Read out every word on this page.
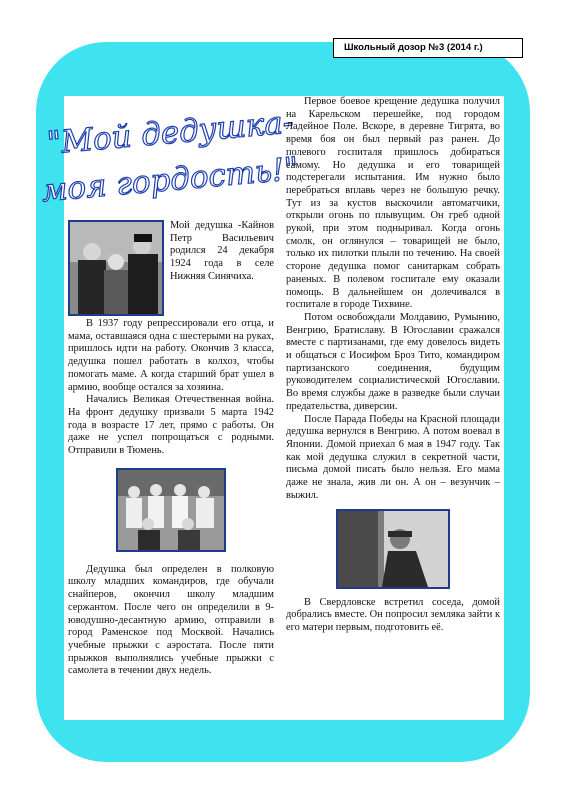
Школьный дозор №3 (2014 г.)
"Мой дедушка-
моя гордость!"

Мой дедушка -Кайнов Петр Васильевич родился 24 декабря 1924 года в селе Нижняя Синячиха.

В 1937 году репрессировали его отца, и мама, оставшаяся одна с шестерыми на руках, пришлось идти на работу. Окончив 3 класса, дедушка пошел работать в колхоз, чтобы помогать маме. А когда старший брат ушел в армию, вообще остался за хозяина.

Начались Великая Отечественная война. На фронт дедушку призвали 5 марта 1942 года в возрасте 17 лет, прямо с работы. Он даже не успел попрощаться с родными. Отправили в Тюмень.

Дедушка был определен в полковую школу младших командиров, где обучали снайперов, окончил школу младшим сержантом. После чего он определили в 9-юводушно-десантную армию, отправили в город Раменское под Москвой. Начались учебные прыжки с аэростата. После пяти прыжков выполнялись учебные прыжки с самолета в течении двух недель.

Первое боевое крещение дедушка получил на Карельском перешейке, под городом Ладейное Поле. Вскоре, в деревне Тигрята, во время боя он был первый раз ранен. До полевого госпиталя пришлось добираться самому. Но дедушка и его товарищей подстерегали испытания. Им нужно было перебраться вплавь через не большую речку. Тут из за кустов выскочили автоматчики, открыли огонь по плывущим. Он греб одной рукой, при этом подныривал. Когда огонь смолк, он оглянулся – товарищей не было, только их пилотки плыли по течению. На своей стороне дедушка помог санитаркам собрать раненых. В полевом госпитале ему оказали помощь. В дальнейшем он долечивался в госпитале в городе Тихвине.

Потом освобождали Молдавию, Румынию, Венгрию, Братиславу. В Югославии сражался вместе с партизанами, где ему довелось видеть и общаться с Иосифом Броз Тито, командиром партизанского соединения, будущим руководителем социалистической Югославии. Во время службы даже в разведке были случаи предательства, диверсии.

После Парада Победы на Красной площади дедушка вернулся в Венгрию. А потом воевал в Японии. Домой приехал 6 мая в 1947 году. Так как мой дедушка служил в секретной части, письма домой писать было нельзя. Его мама даже не знала, жив ли он. А он – везунчик – выжил.

В Свердловске встретил соседа, домой добрались вместе. Он попросил земляка зайти к его матери первым, подготовить её.
